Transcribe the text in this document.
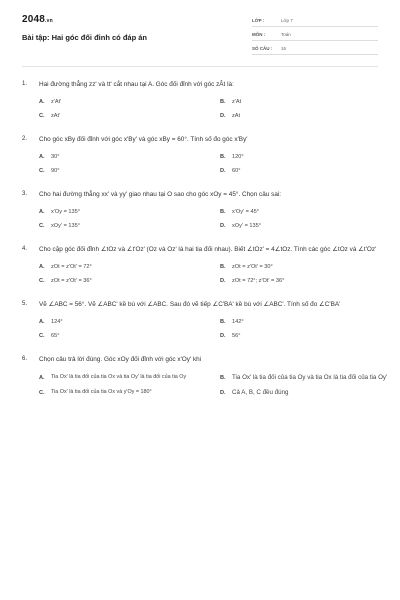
2048.vn
Bài tập: Hai góc đối đỉnh có đáp án
LỚP :	Lớp 7
MÔN :	Toán
SỐ CÂU :	16
1.	Hai đường thẳng zz' và tt' cắt nhau tại A. Góc đối đỉnh với góc zÂt là:
A.	z'At'	B.	z'At
C.	zAt'	D.	zAt
2.	Cho góc xBy đối đỉnh với góc x'By' và góc xBy = 60°. Tính số đo góc x'By'
A.	30°	B.	120°
C.	90°	D.	60°
3.	Cho hai đường thẳng xx' và yy' giao nhau tại O sao cho góc xOy = 45°. Chọn câu sai:
A.	x'Oy = 135°	B.	x'Oy' = 45°
C.	xOy' = 135°	D.	xOy' = 135°
4.	Cho cặp góc đối đỉnh ∠tOz và ∠t'Oz' (Oz và Oz' là hai tia đối nhau). Biết ∠tOz' = 4∠tOz. Tính các góc ∠tOz và ∠t'Oz'
A.	zOt = z'Ot' = 72°	B.	zOt = z'Ot' = 30°
C.	zOt = z'Ot' = 36°	D.	zOt = 72°; z'Ot' = 36°
5.	Vẽ ∠ABC = 56°. Vẽ ∠ABC' kề bù với ∠ABC. Sau đó vẽ tiếp ∠C'BA' kề bù với ∠ABC'. Tính số đo ∠C'BA'
A.	124°	B.	142°
C.	65°	D.	56°
6.	Chọn câu trả lời đúng. Góc xOy đối đỉnh với góc x'Oy' khi
A.	Tia Ox' là tia đối của tia Ox và tia Oy' là tia đối của tia Oy	B.	Tia Ox' là tia đối của tia Oy và tia Ox là tia đối của tia Oy'
C.	Tia Ox' là tia đối của tia Ox và y'Oy = 180°	D.	Cả A, B, C đều đúng
